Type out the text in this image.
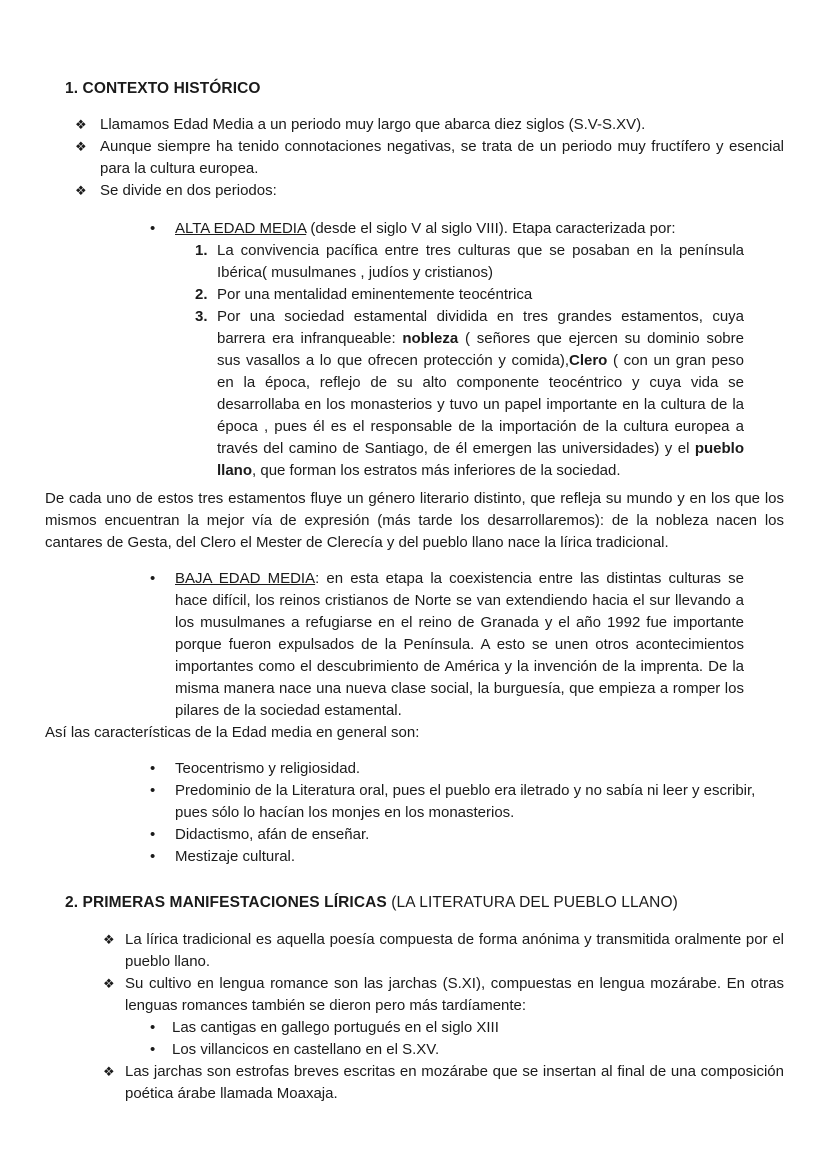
1. CONTEXTO HISTÓRICO
❖ Llamamos Edad Media a un periodo muy largo que abarca diez siglos (S.V-S.XV).
❖ Aunque siempre ha tenido connotaciones negativas, se trata de un periodo muy fructífero y esencial para la cultura europea.
❖ Se divide en dos periodos:
•	ALTA EDAD MEDIA (desde el siglo V al siglo VIII). Etapa caracterizada por:
1. La convivencia pacífica entre tres culturas que se posaban en la península Ibérica( musulmanes , judíos y cristianos)
2. Por una mentalidad eminentemente teocéntrica
3. Por una sociedad estamental dividida en tres grandes estamentos, cuya barrera era infranqueable: nobleza ( señores que ejercen su dominio sobre sus vasallos a lo que ofrecen protección y comida),Clero ( con un gran peso en la época, reflejo de su alto componente teocéntrico y cuya vida se desarrollaba en los monasterios y tuvo un papel importante en la cultura de la época , pues él es el responsable de la importación de la cultura europea a través del camino de Santiago, de él emergen las universidades) y el pueblo llano, que forman los estratos más inferiores de la sociedad.

De cada uno de estos tres estamentos fluye un género literario distinto, que refleja su mundo y en los que los mismos encuentran la mejor vía de expresión (más tarde los desarrollaremos): de la nobleza nacen los cantares de Gesta, del Clero el Mester de Clerecía y del pueblo llano nace la lírica tradicional.

•	BAJA EDAD MEDIA: en esta etapa la coexistencia entre las distintas culturas se hace difícil, los reinos cristianos de Norte se van extendiendo hacia el sur llevando a los musulmanes a refugiarse en el reino de Granada y el año 1992 fue importante porque fueron expulsados de la Península. A esto se unen otros acontecimientos importantes como el descubrimiento de América y la invención de la imprenta. De la misma manera nace una nueva clase social, la burguesía, que empieza a romper los pilares de la sociedad estamental.

Así las características de la Edad media en general son:

•	Teocentrismo y religiosidad.
•	Predominio de la Literatura oral, pues el pueblo era iletrado y no sabía ni leer y escribir, pues sólo lo hacían los monjes en los monasterios.
•	Didactismo, afán de enseñar.
•	Mestizaje cultural.
2. PRIMERAS MANIFESTACIONES LÍRICAS (LA LITERATURA DEL PUEBLO LLANO)
❖ La lírica tradicional es aquella poesía compuesta de forma anónima y transmitida oralmente por el pueblo llano.
❖ Su cultivo en lengua romance son las jarchas (S.XI), compuestas en lengua mozárabe. En otras lenguas romances también se dieron pero más tardíamente:
•	Las cantigas en gallego portugués en el siglo XIII
•	Los villancicos en castellano en el S.XV.
❖ Las jarchas son estrofas breves escritas en mozárabe que se insertan al final de una composición poética árabe llamada Moaxaja.
